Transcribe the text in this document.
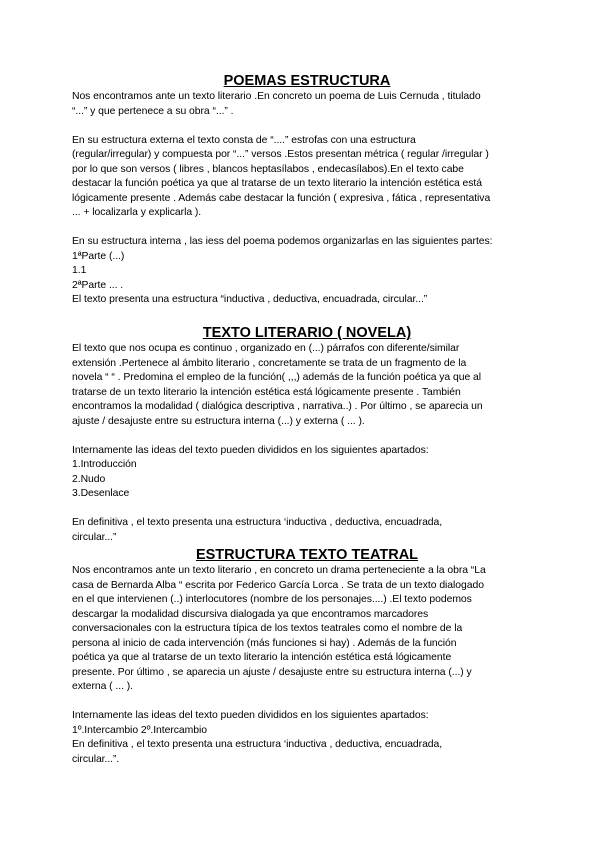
POEMAS ESTRUCTURA
Nos encontramos ante un texto literario .En concreto un poema de Luis Cernuda , titulado
“...” y que pertenece a su obra “...” .
En su estructura externa el texto consta de “....” estrofas con una estructura
(regular/irregular) y compuesta por “...” versos .Estos presentan métrica ( regular /irregular )
por lo que son versos ( libres , blancos heptasílabos , endecasílabos).En el texto cabe
destacar la función poética ya que al tratarse de un texto literario la intención estética está
lógicamente presente . Además cabe destacar la función ( expresiva , fática , representativa
... + localizarla y explicarla ).
En su estructura interna , las iess del poema podemos organizarlas en las siguientes partes:
1ªParte (...)
1.1
2ªParte ... .
El texto presenta una estructura “inductiva , deductiva, encuadrada, circular...”
TEXTO LITERARIO ( NOVELA)
El texto que nos ocupa es continuo , organizado en (...) párrafos con diferente/similar
extensión .Pertenece al ámbito literario , concretamente se trata de un fragmento de la
novela “ “ . Predomina el empleo de la función( ,,,) además de la función poética ya que al
tratarse de un texto literario la intención estética está lógicamente presente . También
encontramos la modalidad ( dialógica descriptiva , narrativa..) . Por último , se aparecia un
ajuste / desajuste entre su estructura interna (...) y externa ( ... ).
Internamente las ideas del texto pueden divididos en los siguientes apartados:
1.Introducción
2.Nudo
3.Desenlace
En definitiva , el texto presenta una estructura ‘inductiva , deductiva, encuadrada,
circular...”
ESTRUCTURA TEXTO TEATRAL
Nos encontramos ante un texto literario , en concreto un drama perteneciente a la obra “La
casa de Bernarda Alba “ escrita por Federico García Lorca . Se trata de un texto dialogado
en el que intervienen (..) interlocutores (nombre de los personajes....) .El texto podemos
descargar la modalidad discursiva dialogada ya que encontramos marcadores
conversacionales con la estructura típica de los textos teatrales como el nombre de la
persona al inicio de cada intervención (más funciones si hay) . Además de la función
poética ya que al tratarse de un texto literario la intención estética está lógicamente
presente. Por último , se aparecia un ajuste / desajuste entre su estructura interna (...) y
externa ( ... ).
Internamente las ideas del texto pueden divididos en los siguientes apartados:
1º.Intercambio 2º.Intercambio
En definitiva , el texto presenta una estructura ‘inductiva , deductiva, encuadrada,
circular...”.
